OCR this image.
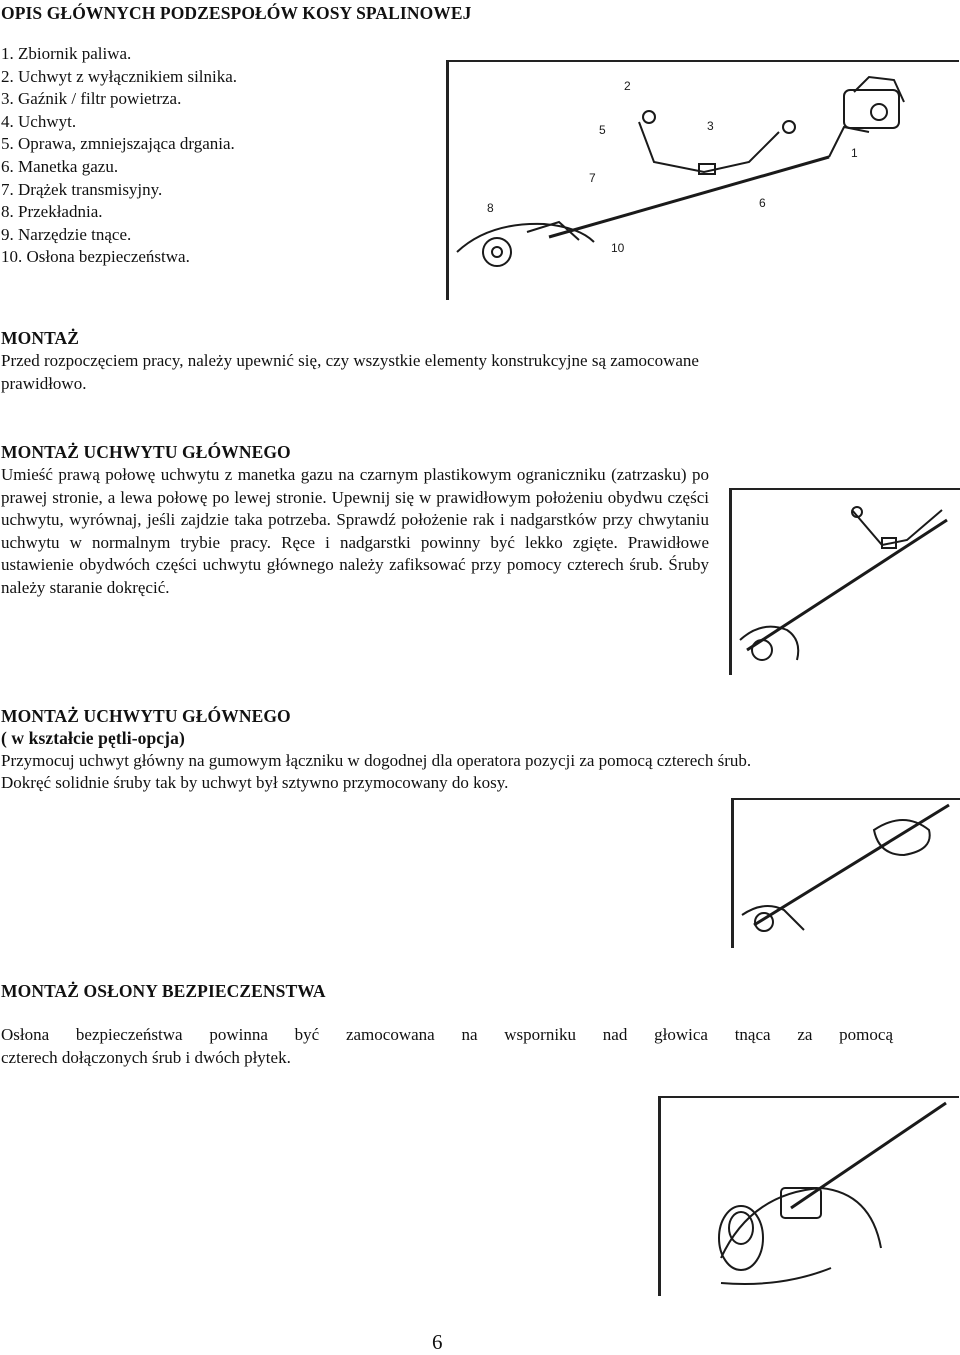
OPIS GŁÓWNYCH PODZESPOŁÓW KOSY SPALINOWEJ
1. Zbiornik paliwa.
2. Uchwyt z wyłącznikiem silnika.
3. Gaźnik / filtr powietrza.
4. Uchwyt.
5. Oprawa, zmniejszająca drgania.
6. Manetka gazu.
7. Drążek transmisyjny.
8. Przekładnia.
9. Narzędzie tnące.
10. Osłona bezpieczeństwa.
1
2
3
5
6
7
8
10
MONTAŻ
Przed rozpoczęciem pracy, należy upewnić się, czy wszystkie elementy konstrukcyjne są zamocowane prawidłowo.
MONTAŻ UCHWYTU GŁÓWNEGO
Umieść prawą połowę uchwytu z manetka gazu na czarnym plastikowym ograniczniku (zatrzasku) po prawej stronie, a lewa połowę po lewej stronie. Upewnij się w prawidłowym położeniu obydwu części uchwytu, wyrównaj, jeśli zajdzie taka potrzeba. Sprawdź położenie rak i nadgarstków przy chwytaniu uchwytu w normalnym trybie pracy. Ręce i nadgarstki powinny być lekko zgięte. Prawidłowe ustawienie obydwóch części uchwytu głównego należy zafiksować przy pomocy czterech śrub. Śruby należy staranie dokręcić.
MONTAŻ UCHWYTU GŁÓWNEGO
( w kształcie pętli-opcja)
Przymocuj uchwyt główny na gumowym łączniku w dogodnej dla operatora pozycji za pomocą czterech śrub.
Dokręć solidnie śruby tak by uchwyt był sztywno przymocowany do kosy.
MONTAŻ OSŁONY BEZPIECZENSTWA
Osłona bezpieczeństwa powinna być zamocowana na wsporniku nad głowica tnąca za pomocą
czterech dołączonych śrub i dwóch płytek.
6
